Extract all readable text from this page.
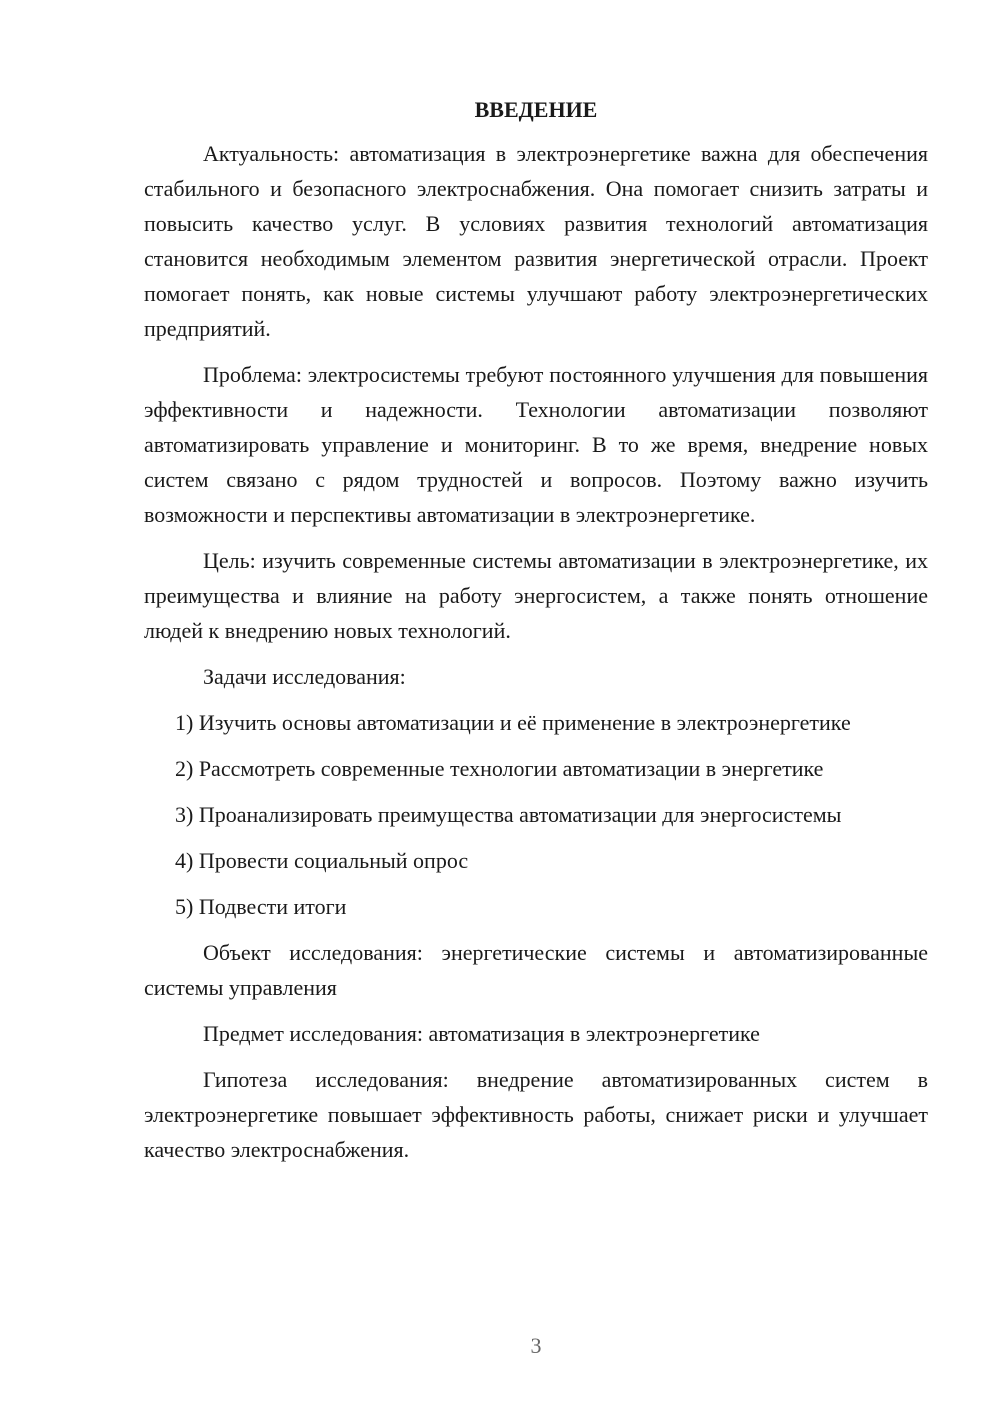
ВВЕДЕНИЕ

Актуальность: автоматизация в электроэнергетике важна для обеспечения стабильного и безопасного электроснабжения. Она помогает снизить затраты и повысить качество услуг. В условиях развития технологий автоматизация становится необходимым элементом развития энергетической отрасли. Проект помогает понять, как новые системы улучшают работу электроэнергетических предприятий.

Проблема: электросистемы требуют постоянного улучшения для повышения эффективности и надежности. Технологии автоматизации позволяют автоматизировать управление и мониторинг. В то же время, внедрение новых систем связано с рядом трудностей и вопросов. Поэтому важно изучить возможности и перспективы автоматизации в электроэнергетике.

Цель: изучить современные системы автоматизации в электроэнергетике, их преимущества и влияние на работу энергосистем, а также понять отношение людей к внедрению новых технологий.

Задачи исследования:

1) Изучить основы автоматизации и её применение в электроэнергетике

2) Рассмотреть современные технологии автоматизации в энергетике

3) Проанализировать преимущества автоматизации для энергосистемы

4) Провести социальный опрос

5) Подвести итоги

Объект исследования: энергетические системы и автоматизированные системы управления

Предмет исследования: автоматизация в электроэнергетике

Гипотеза исследования: внедрение автоматизированных систем в электроэнергетике повышает эффективность работы, снижает риски и улучшает качество электроснабжения.

3
